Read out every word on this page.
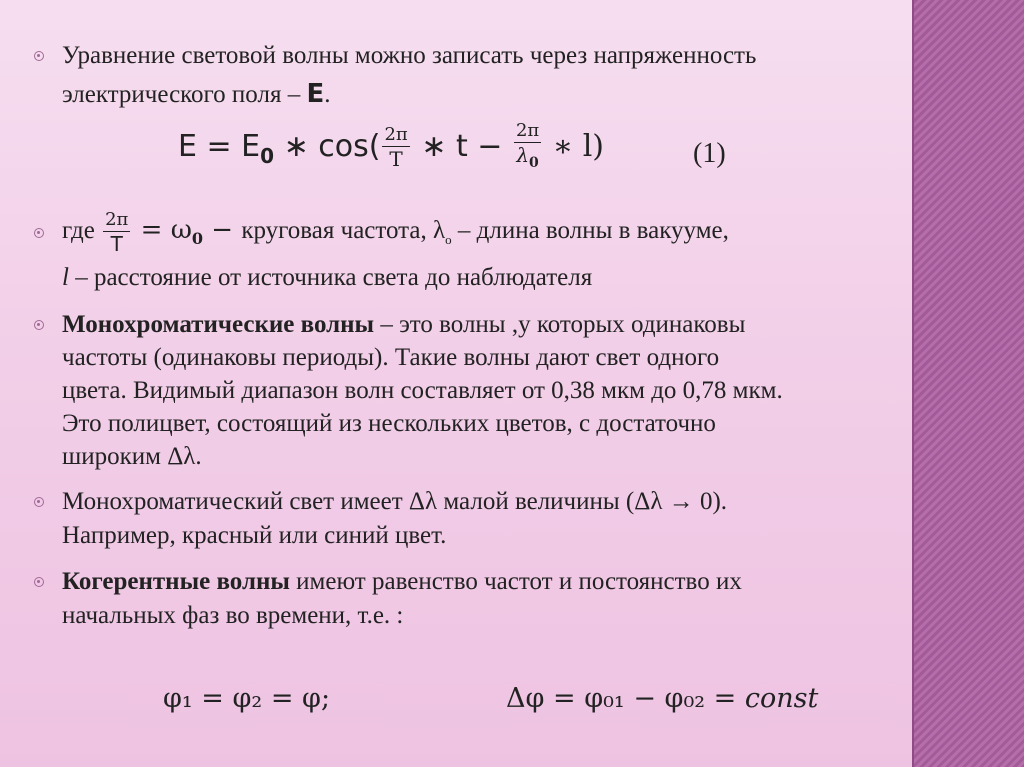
Уравнение световой волны можно записать через напряженность
электрического поля – E.
$E = E_0$ ∗ $\cos( \frac{2\pi}{T}$ ∗ $t - \frac{2\pi}{\lambda_0}$ ∗ l)	(1)
где $\frac{2\pi}{T} = \omega_0$ − круговая частота, $\lambda_o$ – длина волны в вакууме,
l – расстояние от источника света до наблюдателя
Монохроматические волны – это волны ,у которых одинаковы
частоты (одинаковы периоды). Такие волны дают свет одного
цвета. Видимый диапазон волн составляет от 0,38 мкм до 0,78 мкм.
Это полицвет, состоящий из нескольких цветов, с достаточно
широким Δλ.
Монохроматический свет имеет Δλ малой величины (Δλ → 0).
Например, красный или синий цвет.
Когерентные волны имеют равенство частот и постоянство их
начальных фаз во времени, т.е. :
φ₁ = φ₂ = φ;	Δφ = φ₀₁ − φ₀₂ = const
